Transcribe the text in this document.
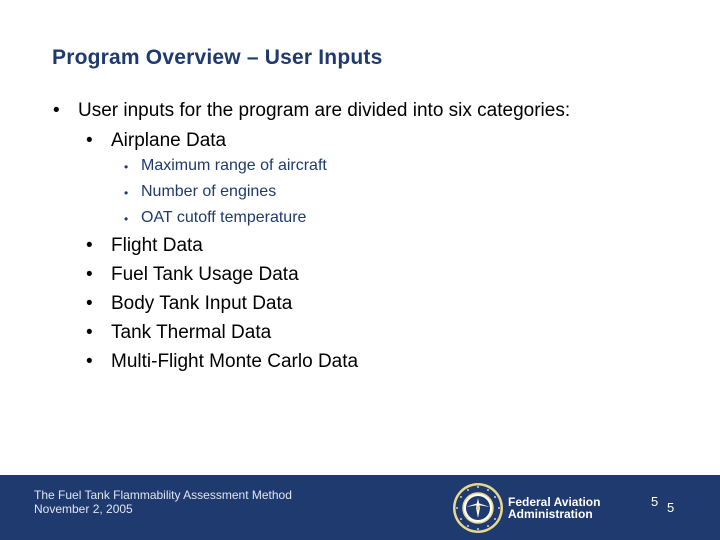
Program Overview – User Inputs
• User inputs for the program are divided into six categories:
• Airplane Data
• Maximum range of aircraft
• Number of engines
• OAT cutoff temperature
• Flight Data
• Fuel Tank Usage Data
• Body Tank Input Data
• Tank Thermal Data
• Multi-Flight Monte Carlo Data
The Fuel Tank Flammability Assessment Method
November 2, 2005	Federal Aviation
Administration
5 5
